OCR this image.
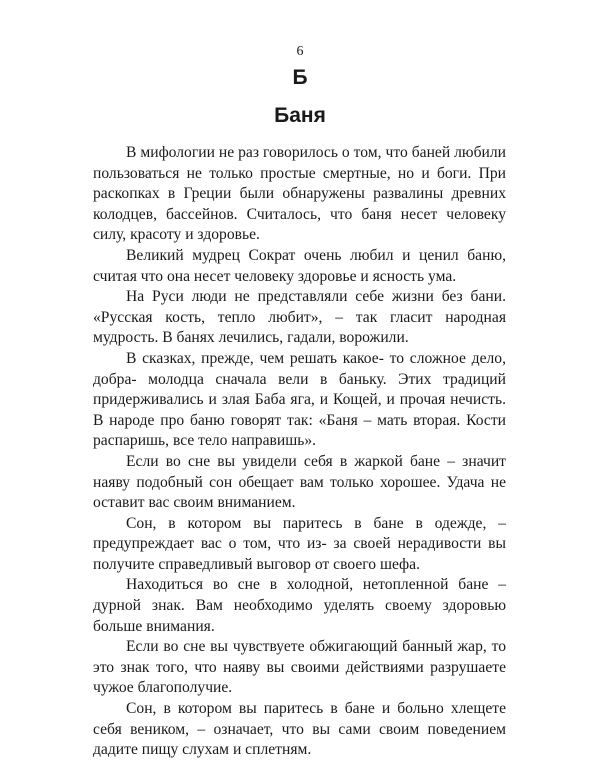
6
Б
Баня

В мифологии не раз говорилось о том, что баней любили пользоваться не только простые смертные, но и боги. При раскопках в Греции были обнаружены развалины древних колодцев, бассейнов. Считалось, что баня несет человеку силу, красоту и здоровье.

Великий мудрец Сократ очень любил и ценил баню, считая что она несет человеку здоровье и ясность ума.

На Руси люди не представляли себе жизни без бани. «Русская кость, тепло любит», – так гласит народная мудрость. В банях лечились, гадали, ворожили.

В сказках, прежде, чем решать какое- то сложное дело, добра- молодца сначала вели в баньку. Этих традиций придерживались и злая Баба яга, и Кощей, и прочая нечисть. В народе про баню говорят так: «Баня – мать вторая. Кости распаришь, все тело направишь».

Если во сне вы увидели себя в жаркой бане – значит наяву подобный сон обещает вам только хорошее. Удача не оставит вас своим вниманием.

Сон, в котором вы паритесь в бане в одежде, – предупреждает вас о том, что из- за своей нерадивости вы получите справедливый выговор от своего шефа.

Находиться во сне в холодной, нетопленной бане – дурной знак. Вам необходимо уделять своему здоровью больше внимания.

Если во сне вы чувствуете обжигающий банный жар, то это знак того, что наяву вы своими действиями разрушаете чужое благополучие.

Сон, в котором вы паритесь в бане и больно хлещете себя веником, – означает, что вы сами своим поведением дадите пищу слухам и сплетням.
